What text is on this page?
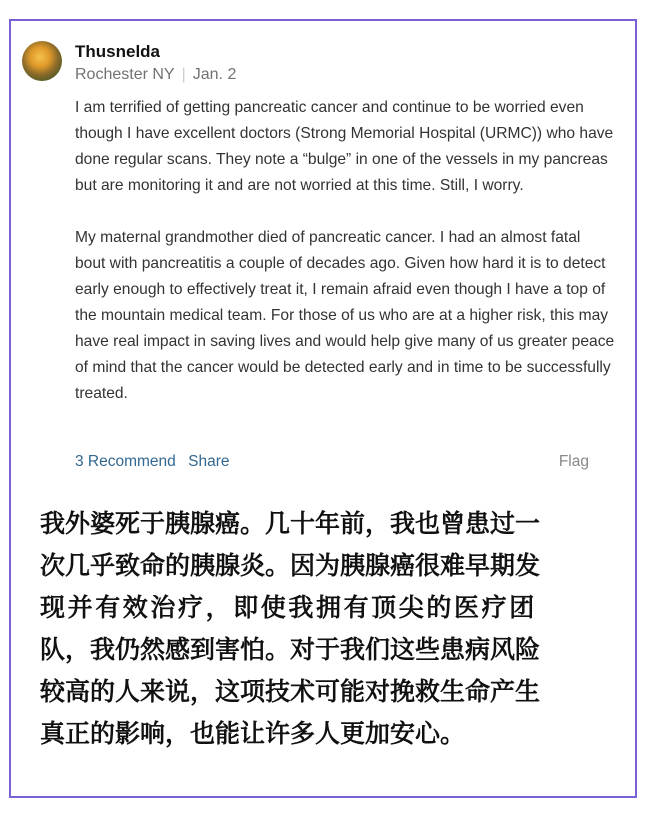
Thusnelda
Rochester NY | Jan. 2

I am terrified of getting pancreatic cancer and continue to be worried even though I have excellent doctors (Strong Memorial Hospital (URMC)) who have done regular scans. They note a “bulge” in one of the vessels in my pancreas but are monitoring it and are not worried at this time. Still, I worry.

My maternal grandmother died of pancreatic cancer. I had an almost fatal bout with pancreatitis a couple of decades ago. Given how hard it is to detect early enough to effectively treat it, I remain afraid even though I have a top of the mountain medical team. For those of us who are at a higher risk, this may have real impact in saving lives and would help give many of us greater peace of mind that the cancer would be detected early and in time to be successfully treated.

3 Recommend Share	Flag
我外婆死于胰腺癌。几十年前，我也曾患过一
次几乎致命的胰腺炎。因为胰腺癌很难早期发
现并有效治疗，即使我拥有顶尖的医疗团
队，我仍然感到害怕。对于我们这些患病风险
较高的人来说，这项技术可能对挽救生命产生
真正的影响，也能让许多人更加安心。
